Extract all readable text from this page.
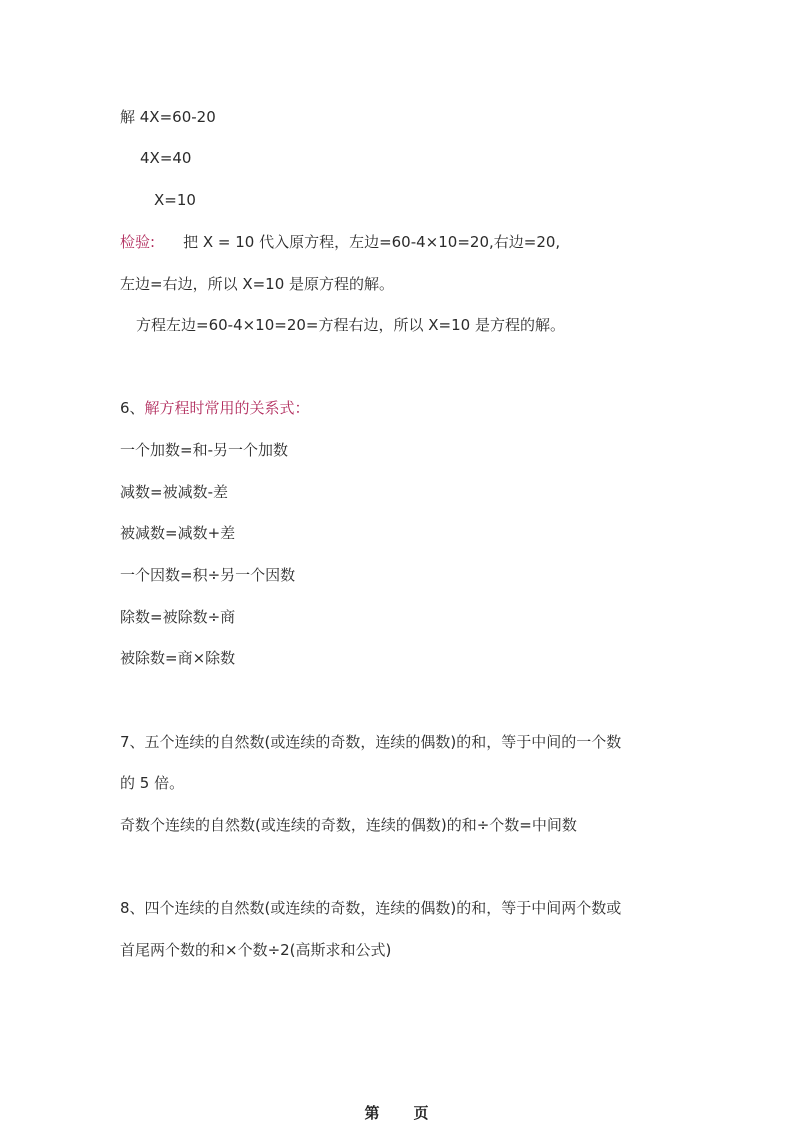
解 4X=60-20
4X=40
X=10
检验: 把 X = 10 代入原方程，左边=60-4×10=20,右边=20,
左边=右边，所以 X=10 是原方程的解。
方程左边=60-4×10=20=方程右边，所以 X=10 是方程的解。
6、解方程时常用的关系式：
一个加数=和-另一个加数
减数=被减数-差
被减数=减数+差
一个因数=积÷另一个因数
除数=被除数÷商
被除数=商×除数
7、五个连续的自然数(或连续的奇数，连续的偶数)的和，等于中间的一个数
的 5 倍。
奇数个连续的自然数(或连续的奇数，连续的偶数)的和÷个数=中间数
8、四个连续的自然数(或连续的奇数，连续的偶数)的和，等于中间两个数或
首尾两个数的和×个数÷2(高斯求和公式)
第 页
